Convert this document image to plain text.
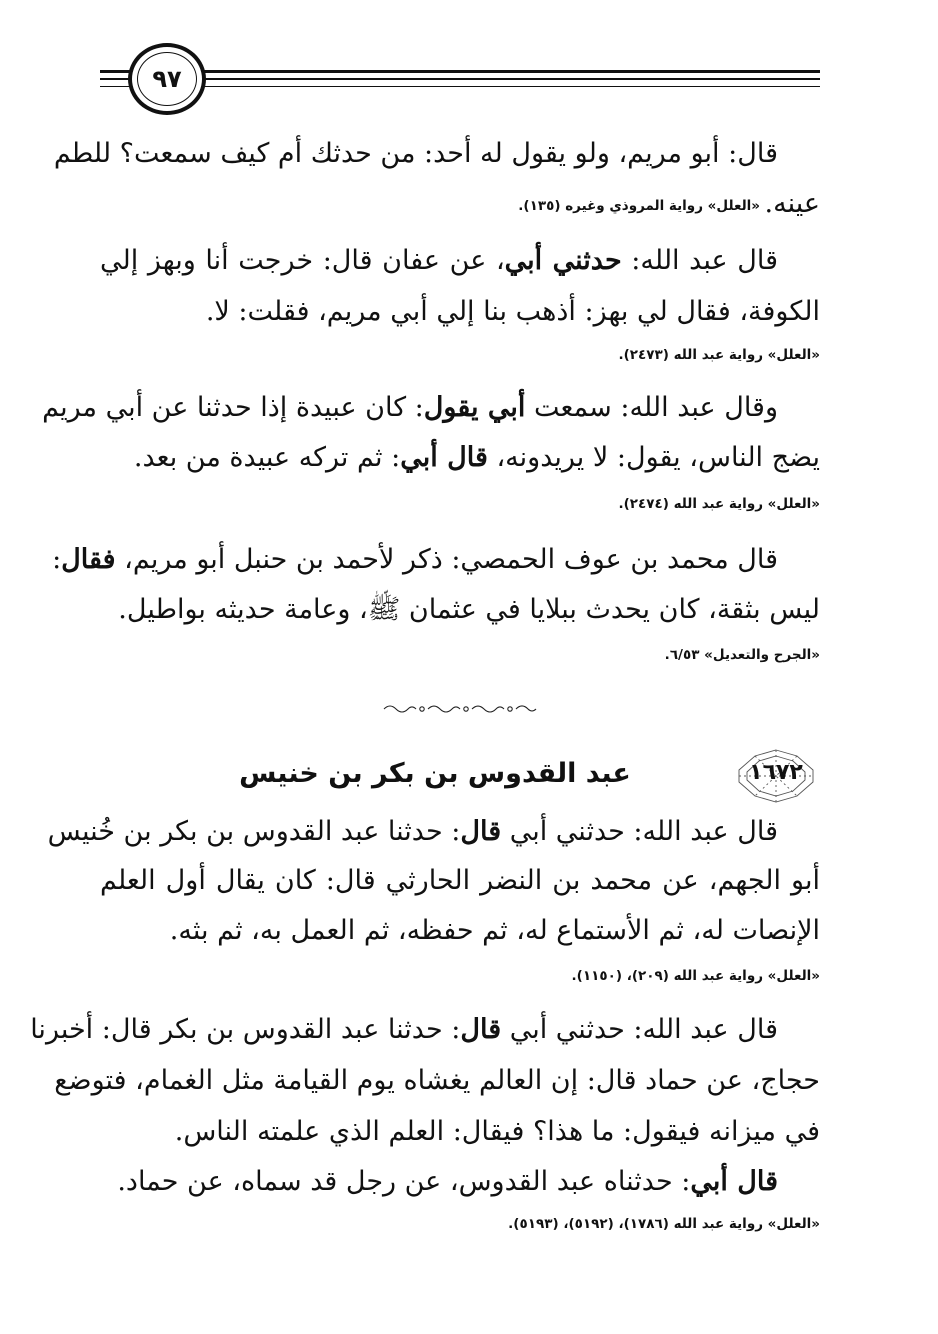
٩٧
قال: أبو مريم، ولو يقول له أحد: من حدثك أم كيف سمعت؟ للطم
عينه.
«العلل» رواية المروذي وغيره (١٣٥).
قال عبد الله: حدثني أبي، عن عفان قال: خرجت أنا وبهز إلي
الكوفة، فقال لي بهز: أذهب بنا إلي أبي مريم، فقلت: لا.
«العلل» رواية عبد الله (٢٤٧٣).
وقال عبد الله: سمعت أبي يقول: كان عبيدة إذا حدثنا عن أبي مريم
يضج الناس، يقول: لا يريدونه، قال أبي: ثم تركه عبيدة من بعد.
«العلل» رواية عبد الله (٢٤٧٤).
قال محمد بن عوف الحمصي: ذكر لأحمد بن حنبل أبو مريم، فقال:
ليس بثقة، كان يحدث ببلايا في عثمان ﷺ، وعامة حديثه بواطيل.
«الجرح والتعديل» ٦/٥٣.
١٦٧٢
عبد القدوس بن بكر بن خنيس
قال عبد الله: حدثني أبي قال: حدثنا عبد القدوس بن بكر بن خُنيس
أبو الجهم، عن محمد بن النضر الحارثي قال: كان يقال أول العلم
الإنصات له، ثم الأستماع له، ثم حفظه، ثم العمل به، ثم بثه.
«العلل» رواية عبد الله (٢٠٩)، (١١٥٠).
قال عبد الله: حدثني أبي قال: حدثنا عبد القدوس بن بكر قال: أخبرنا
حجاج، عن حماد قال: إن العالم يغشاه يوم القيامة مثل الغمام، فتوضع
في ميزانه فيقول: ما هذا؟ فيقال: العلم الذي علمته الناس.
قال أبي: حدثناه عبد القدوس، عن رجل قد سماه، عن حماد.
«العلل» رواية عبد الله (١٧٨٦)، (٥١٩٢)، (٥١٩٣).
